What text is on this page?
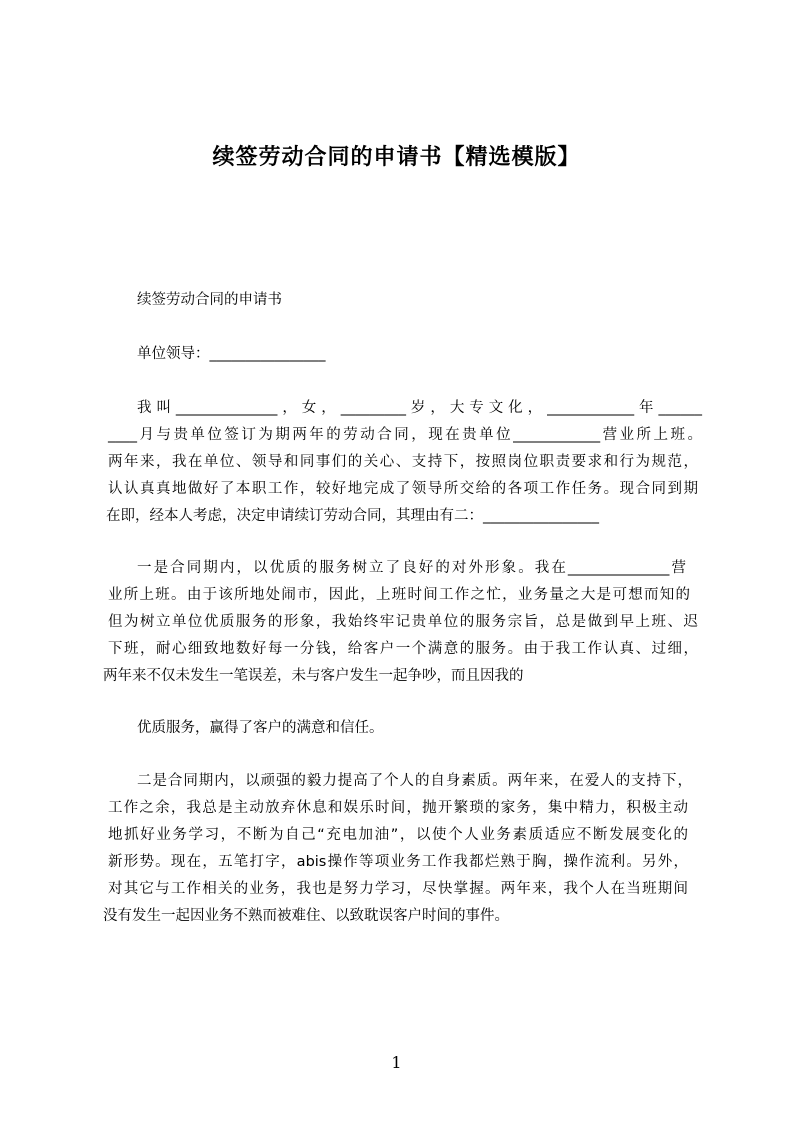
续签劳动合同的申请书【精选模版】
续签劳动合同的申请书
单位领导：________________
我叫______________，女，_________岁，大专文化，____________年______
____月与贵单位签订为期两年的劳动合同，现在贵单位____________营业所上班。
两年来，我在单位、领导和同事们的关心、支持下，按照岗位职责要求和行为规范，
认认真真地做好了本职工作，较好地完成了领导所交给的各项工作任务。现合同到期
在即，经本人考虑，决定申请续订劳动合同，其理由有二：________________
一是合同期内，以优质的服务树立了良好的对外形象。我在______________营
业所上班。由于该所地处闹市，因此，上班时间工作之忙，业务量之大是可想而知的
但为树立单位优质服务的形象，我始终牢记贵单位的服务宗旨，总是做到早上班、迟
下班，耐心细致地数好每一分钱，给客户一个满意的服务。由于我工作认真、过细，
两年来不仅未发生一笔误差，未与客户发生一起争吵，而且因我的
优质服务，赢得了客户的满意和信任。
二是合同期内，以顽强的毅力提高了个人的自身素质。两年来，在爱人的支持下，
工作之余，我总是主动放弃休息和娱乐时间，抛开繁琐的家务，集中精力，积极主动
地抓好业务学习，不断为自己“充电加油”，以使个人业务素质适应不断发展变化的
新形势。现在，五笔打字，abis操作等项业务工作我都烂熟于胸，操作流利。另外，
对其它与工作相关的业务，我也是努力学习，尽快掌握。两年来，我个人在当班期间
没有发生一起因业务不熟而被难住、以致耽误客户时间的事件。
1
